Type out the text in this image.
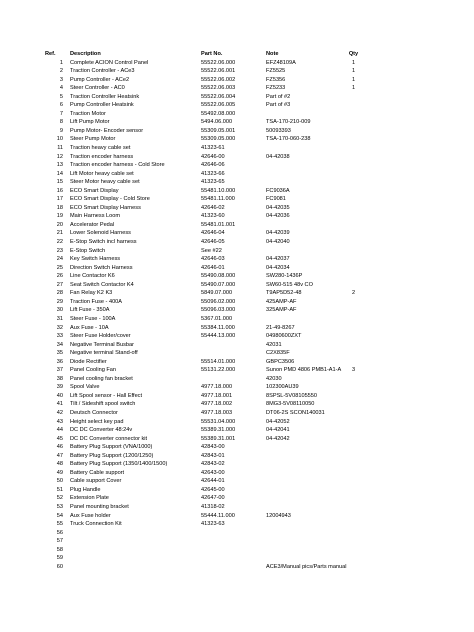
Ref.	Description	Part No.	Note	Qty
1 Complete ACION Control Panel	55522.06.000	EFZ48109A	1
2 Traction Controller - ACe3	55522.06.001	FZ5525	1
3 Pump Controller - ACe2	55522.06.002	FZ5356	1
4 Steer Controller - AC0	55522.06.003	FZ5233	1
5 Traction Controller Heatsink	55522.06.004	Part of #2
6 Pump Controller Heatsink	55522.06.005	Part of #3
7 Traction Motor	55492.08.000
8 Lift Pump Motor	5494.06.000	TSA-170-210-009
9 Pump Motor- Encoder sensor	55309.05.001	50093393
10 Steer Pump Motor	55309.05.000	TSA-170-060-238
11 Traction heavy cable set	41323-61
12 Traction encoder harness	42646-00	04-42038
13 Traction encoder harness - Cold Store	42646-06
14 Lift Motor heavy cable set	41323-66
15 Steer Motor heavy cable set	41323-65
16 ECO Smart Display	55481.10.000	FC9036A
17 ECO Smart Display - Cold Store	55481.11.000	FC9081
18 ECO Smart Display Harness	42646-02	04-42035
19 Main Harness Loom	41323-60	04-42036
20 Accelerator Pedal	55481.01.001
21 Lower Solenoid Harness	42646-04	04-42039
22 E-Stop Switch incl harness	42646-05	04-42040
23 E-Stop Switch	See #22
24 Key Switch Harness	42646-03	04-42037
25 Direction Switch Harness	42646-01	04-42034
26 Line Contactor K6	55490.08.000	SW280-1436P
27 Seat Switch Contactor K4	55490.07.000	SW60-515 48v CO
28 Fan Relay K2 K3	5849.07.000	T9AP5D52-48	2
29 Traction Fuse - 400A	55096.02.000	425AMP-AF
30 Lift Fuse - 350A	55096.03.000	325AMP-AF
31 Steer Fuse - 100A	5367.01.000
32 Aux Fuse - 10A	55384.11.000	21-49-8267
33 Steer Fuse Holder/cover	55444.13.000	04980600ZXT
34 Negative Terminal Busbar	42031
35 Negative terminal Stand-off	C2X835F
36 Diode Rectifier	55514.01.000	GBPC3506
37 Panel Cooling Fan	55131.22.000	Sunon PMD 4806 PMB1-A1-A	3
38 Panel cooling fan bracket	42030
39 Spool Valve	4977.18.000	102300AU39
40 Lift Spool sensor - Hall Effect	4977.18.001	8SPSL-5V08105550
41 Tilt / Sideshift spool switch	4977.18.002	8MG3-5V08110050
42 Deutsch Connector	4977.18.003	DT06-2S SCON140031
43 Height select key pad	55531.04.000	04-42052
44 DC DC Converter 48:24v	55389.31.000	04-42041
45 DC DC Converter connector kit	55389.31.001	04-42042
46 Battery Plug Support (VNA/1000)	42843-00
47 Battery Plug Support (1200/1250)	42843-01
48 Battery Plug Support (1350/1400/1500)	42843-02
49 Battery Cable support	42643-00
50 Cable support Cover	42644-01
51 Plug Handle	42645-00
52 Extension Plate	42647-00
53 Panel mounting bracket	41318-02
54 Aux Fuse holder	55444.11.000	12004943
55 Truck Connection Kit	41323-63
56
57
58
59
60	ACE3/Manual pics/Parts manual
